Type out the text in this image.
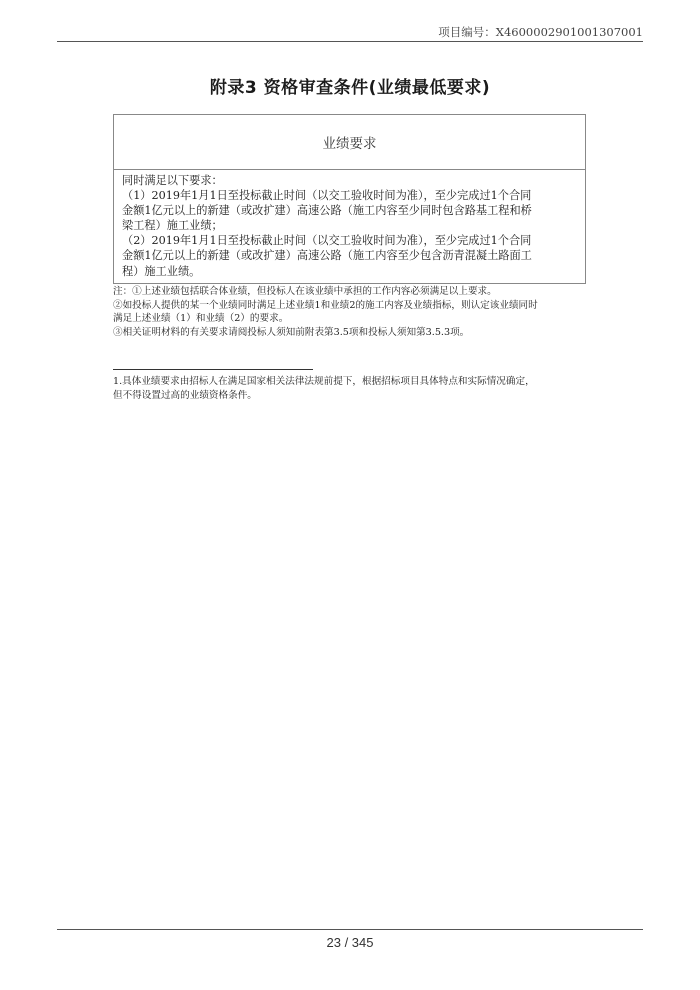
项目编号：X4600002901001307001
附录3 资格审查条件(业绩最低要求)
业绩要求
同时满足以下要求：
（1）2019年1月1日至投标截止时间（以交工验收时间为准），至少完成过1个合同
金额1亿元以上的新建（或改扩建）高速公路（施工内容至少同时包含路基工程和桥
梁工程）施工业绩；
（2）2019年1月1日至投标截止时间（以交工验收时间为准），至少完成过1个合同
金额1亿元以上的新建（或改扩建）高速公路（施工内容至少包含沥青混凝土路面工
程）施工业绩。
注：①上述业绩包括联合体业绩，但投标人在该业绩中承担的工作内容必须满足以上要求。
②如投标人提供的某一个业绩同时满足上述业绩1和业绩2的施工内容及业绩指标，则认定该业绩同时
满足上述业绩（1）和业绩（2）的要求。
③相关证明材料的有关要求请阅投标人须知前附表第3.5项和投标人须知第3.5.3项。
1.具体业绩要求由招标人在满足国家相关法律法规前提下，根据招标项目具体特点和实际情况确定，
但不得设置过高的业绩资格条件。
23 / 345
